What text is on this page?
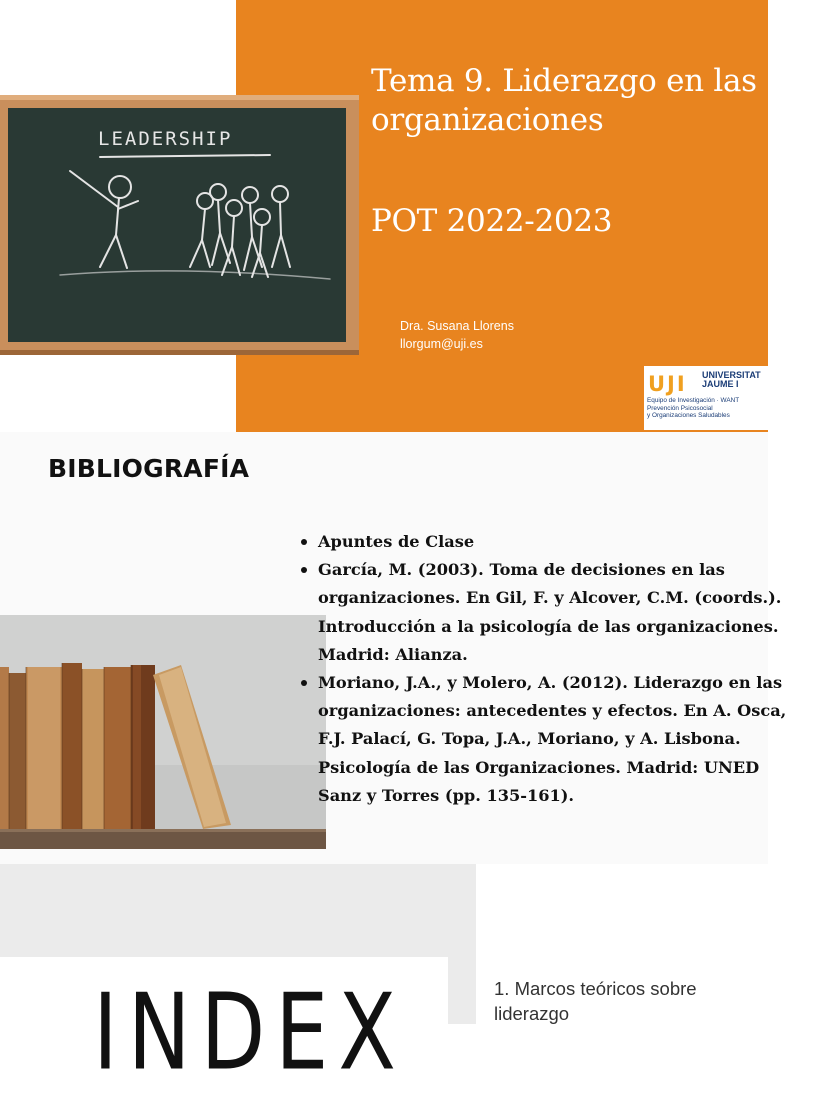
LEADERSHIP
Tema 9. Liderazgo en las organizaciones
POT 2022-2023
Dra. Susana Llorens
llorgum@uji.es
UJI UNIVERSITAT
JAUME I
Equipo de Investigación · WANT
Prevención Psicosocial
y Organizaciones Saludables
BIBLIOGRAFÍA
Apuntes de Clase
García, M. (2003). Toma de decisiones en las
organizaciones. En Gil, F. y Alcover, C.M. (coords.).
Introducción a la psicología de las organizaciones.
Madrid: Alianza.
Moriano, J.A., y Molero, A. (2012). Liderazgo en las
organizaciones: antecedentes y efectos. En A. Osca,
F.J. Palací, G. Topa, J.A., Moriano, y A. Lisbona.
Psicología de las Organizaciones. Madrid: UNED
Sanz y Torres (pp. 135-161).
INDEX	1. Marcos teóricos sobre liderazgo
